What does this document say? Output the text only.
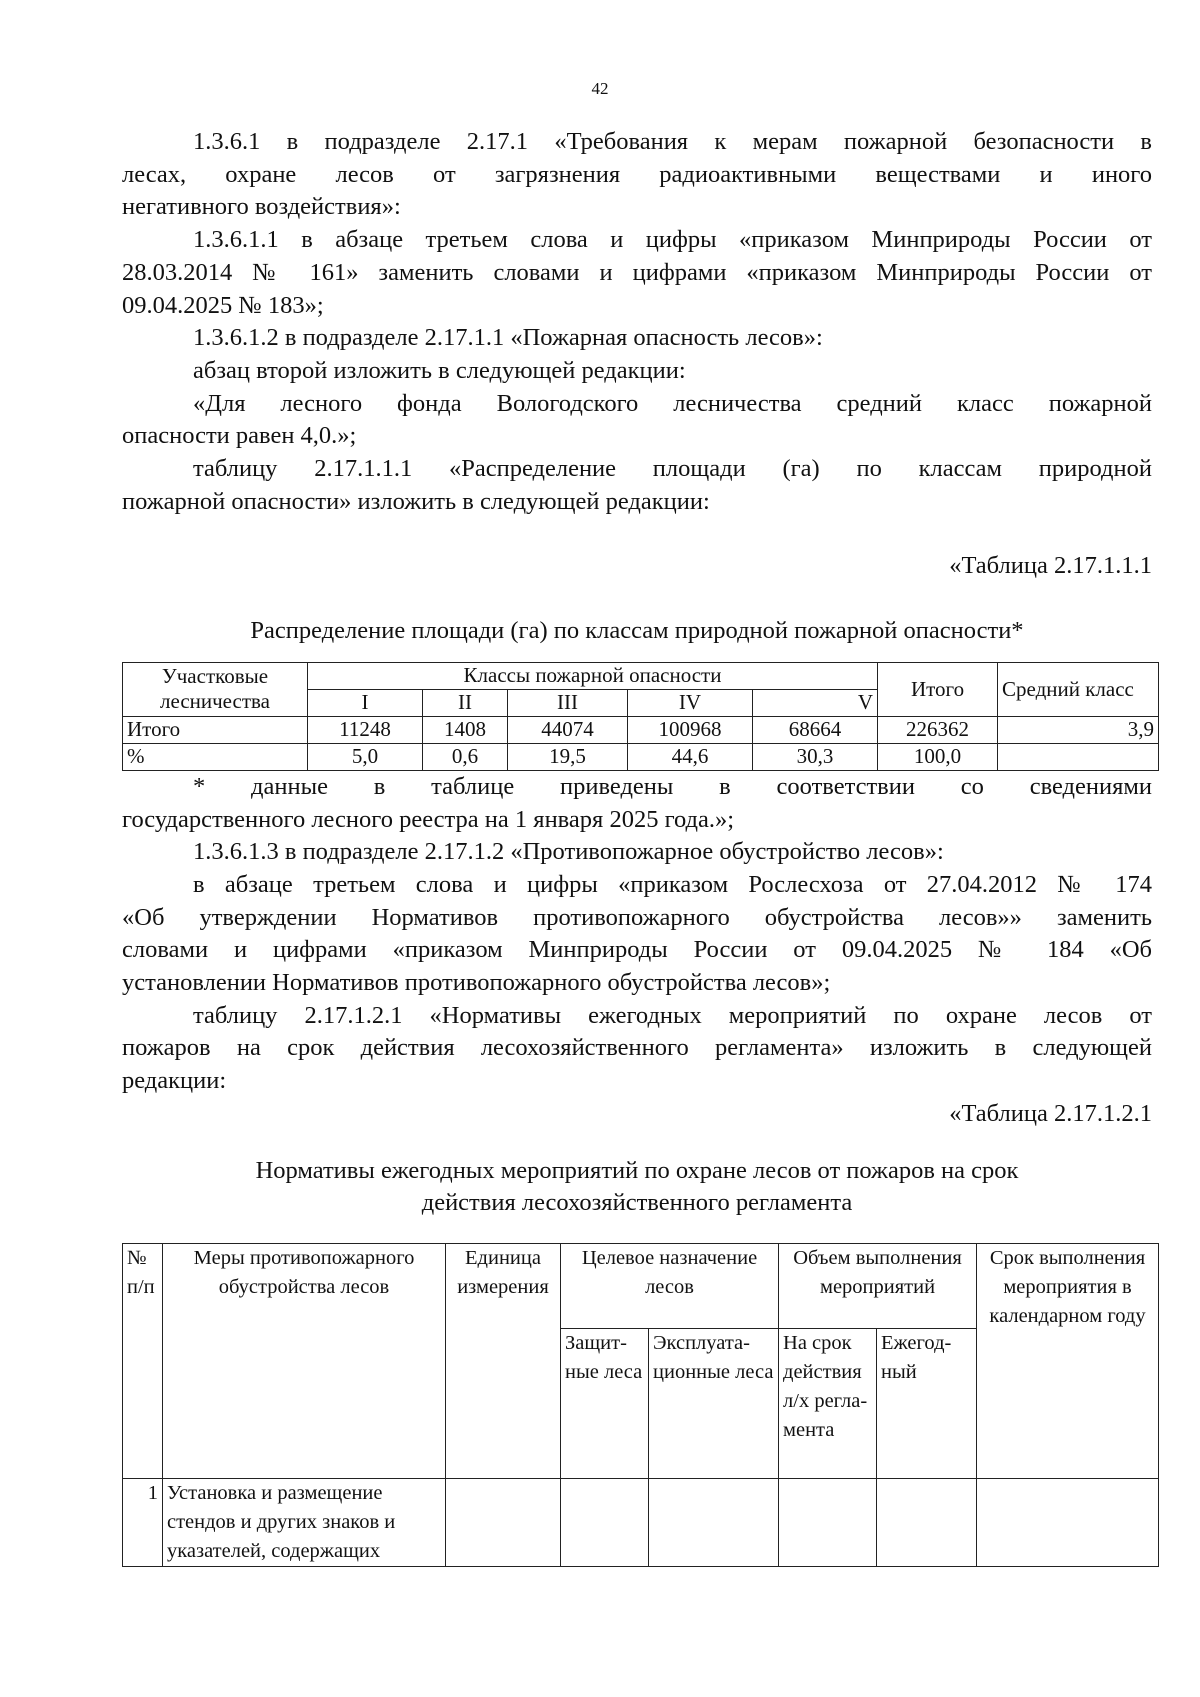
42

1.3.6.1 в подразделе 2.17.1 «Требования к мерам пожарной безопасности в

лесах, охране лесов от загрязнения радиоактивными веществами и иного

негативного воздействия»:

1.3.6.1.1 в абзаце третьем слова и цифры «приказом Минприроды России от

28.03.2014 № 161» заменить словами и цифрами «приказом Минприроды России от

09.04.2025 № 183»;

1.3.6.1.2 в подразделе 2.17.1.1 «Пожарная опасность лесов»:

абзац второй изложить в следующей редакции:

«Для лесного фонда Вологодского лесничества средний класс пожарной

опасности равен 4,0.»;

таблицу 2.17.1.1.1 «Распределение площади (га) по классам природной

пожарной опасности» изложить в следующей редакции:

«Таблица 2.17.1.1.1

Распределение площади (га) по классам природной пожарной опасности*

Участковые лесничества	Классы пожарной опасности					Итого	Средний класс
	I	II	III	IV	V		
Итого	11248	1408	44074	100968	68664	226362	3,9
%	5,0	0,6	19,5	44,6	30,3	100,0	

* данные в таблице приведены в соответствии со сведениями

государственного лесного реестра на 1 января 2025 года.»;

1.3.6.1.3 в подразделе 2.17.1.2 «Противопожарное обустройство лесов»:

в абзаце третьем слова и цифры «приказом Рослесхоза от 27.04.2012 № 174

«Об утверждении Нормативов противопожарного обустройства лесов»» заменить

словами и цифрами «приказом Минприроды России от 09.04.2025 № 184 «Об

установлении Нормативов противопожарного обустройства лесов»;

таблицу 2.17.1.2.1 «Нормативы ежегодных мероприятий по охране лесов от

пожаров на срок действия лесохозяйственного регламента» изложить в следующей

редакции:

«Таблица 2.17.1.2.1

Нормативы ежегодных мероприятий по охране лесов от пожаров на срок
действия лесохозяйственного регламента

№ п/п	Меры противопожарного обустройства лесов	Единица измерения	Целевое назначение лесов		Объем выполнения мероприятий		Срок выполнения мероприятия в календарном году
			Защит-ные леса	Эксплуата-ционные леса	На срок действия л/х регла-мента	Ежегод-ный	
1	Установка и размещение стендов и других знаков и указателей, содержащих						
